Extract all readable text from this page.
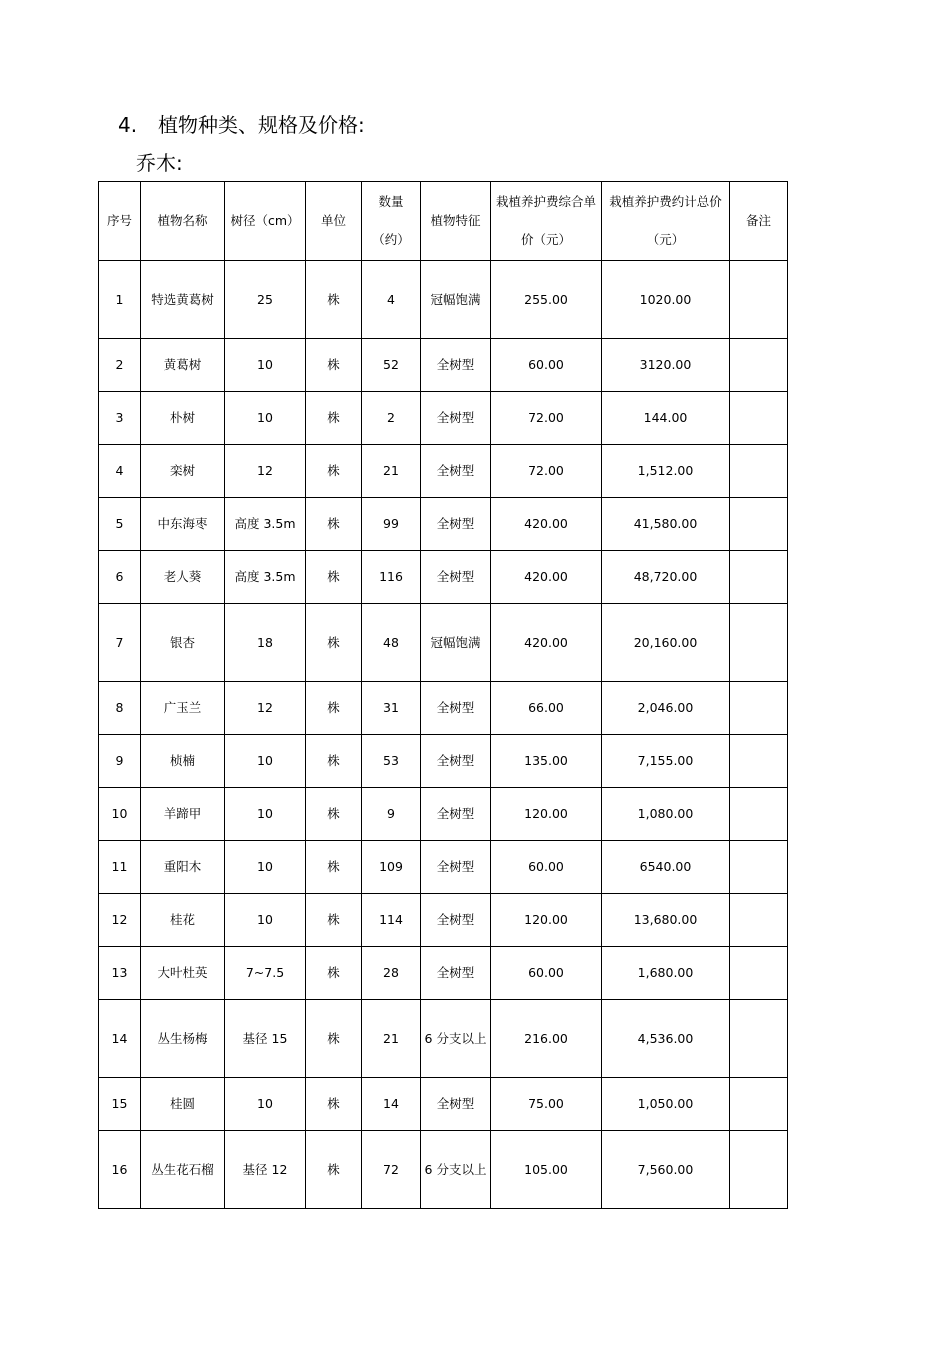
4. 植物种类、规格及价格:
乔木:
序号	植物名称	树径（cm）	单位	数量（约）	植物特征	栽植养护费综合单价（元）	栽植养护费约计总价（元）	备注
1	特选黄葛树	25	株	4	冠幅饱满	255.00	1020.00	
2	黄葛树	10	株	52	全树型	60.00	3120.00	
3	朴树	10	株	2	全树型	72.00	144.00	
4	栾树	12	株	21	全树型	72.00	1,512.00	
5	中东海枣	高度 3.5m	株	99	全树型	420.00	41,580.00	
6	老人葵	高度 3.5m	株	116	全树型	420.00	48,720.00	
7	银杏	18	株	48	冠幅饱满	420.00	20,160.00	
8	广玉兰	12	株	31	全树型	66.00	2,046.00	
9	桢楠	10	株	53	全树型	135.00	7,155.00	
10	羊蹄甲	10	株	9	全树型	120.00	1,080.00	
11	重阳木	10	株	109	全树型	60.00	6540.00	
12	桂花	10	株	114	全树型	120.00	13,680.00	
13	大叶杜英	7~7.5	株	28	全树型	60.00	1,680.00	
14	丛生杨梅	基径 15	株	21	6 分支以上	216.00	4,536.00	
15	桂圆	10	株	14	全树型	75.00	1,050.00	
16	丛生花石榴	基径 12	株	72	6 分支以上	105.00	7,560.00	
